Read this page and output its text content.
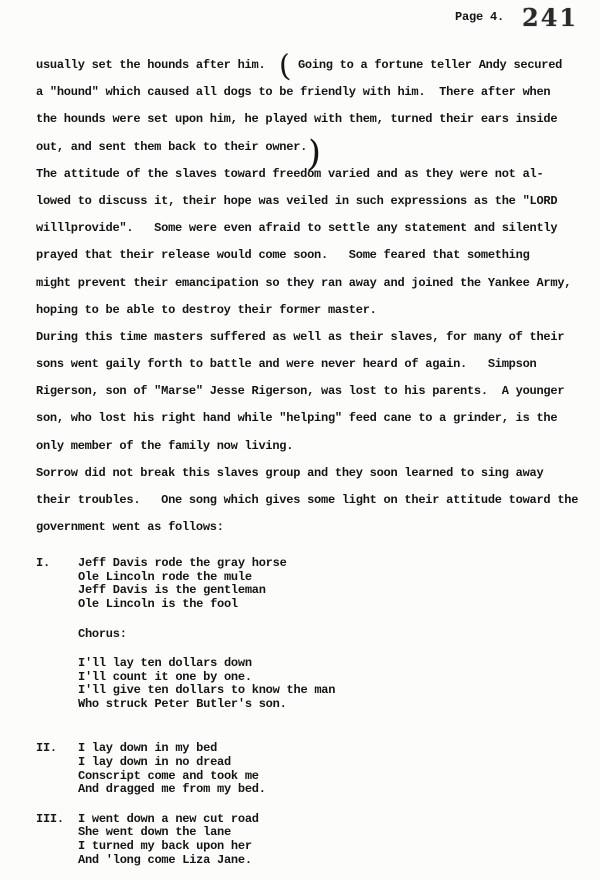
Page 4. 241
usually set the hounds after him.  ( Going to a fortune teller Andy secured
a "hound" which caused all dogs to be friendly with him.  There after when
the hounds were set upon him, he played with them, turned their ears inside
out, and sent them back to their owner.)
The attitude of the slaves toward freedom varied and as they were not al-
lowed to discuss it, their hope was veiled in such expressions as the "LORD
willlprovide".   Some were even afraid to settle any statement and silently
prayed that their release would come soon.   Some feared that something
might prevent their emancipation so they ran away and joined the Yankee Army,
hoping to be able to destroy their former master.
During this time masters suffered as well as their slaves, for many of their
sons went gaily forth to battle and were never heard of again.   Simpson
Rigerson, son of "Marse" Jesse Rigerson, was lost to his parents.  A younger
son, who lost his right hand while "helping" feed cane to a grinder, is the
only member of the family now living.
Sorrow did not break this slaves group and they soon learned to sing away
their troubles.   One song which gives some light on their attitude toward the
government went as follows:
I.	Jeff Davis rode the gray horse
Ole Lincoln rode the mule
Jeff Davis is the gentleman
Ole Lincoln is the fool
Chorus:
I'll lay ten dollars down
I'll count it one by one.
I'll give ten dollars to know the man
Who struck Peter Butler's son.
II.	I lay down in my bed
I lay down in no dread
Conscript come and took me
And dragged me from my bed.
III.	I went down a new cut road
She went down the lane
I turned my back upon her
And 'long come Liza Jane.
